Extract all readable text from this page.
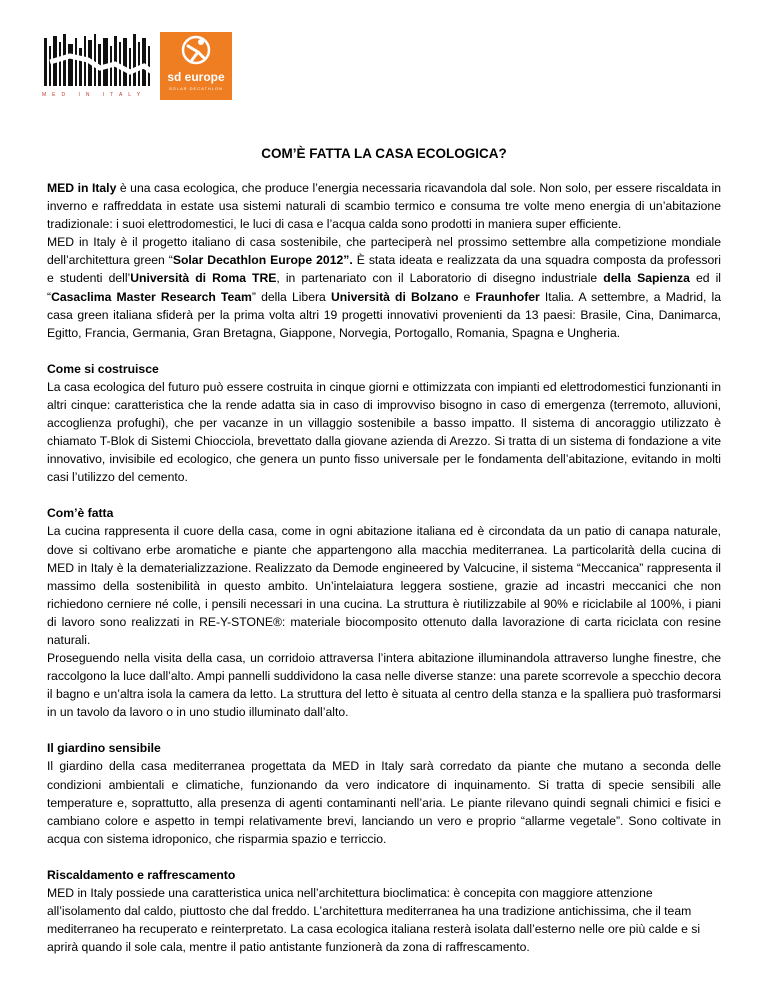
MED IN ITALY
sd europe
SOLAR DECATHLON
COM’È FATTA LA CASA ECOLOGICA?

MED in Italy è una casa ecologica, che produce l’energia necessaria ricavandola dal sole. Non solo, per essere riscaldata in inverno e raffreddata in estate usa sistemi naturali di scambio termico e consuma tre volte meno energia di un’abitazione tradizionale: i suoi elettrodomestici, le luci di casa e l’acqua calda sono prodotti in maniera super efficiente.

MED in Italy è il progetto italiano di casa sostenibile, che parteciperà nel prossimo settembre alla competizione mondiale dell’architettura green “Solar Decathlon Europe 2012”. È stata ideata e realizzata da una squadra composta da professori e studenti dell’Università di Roma TRE, in partenariato con il Laboratorio di disegno industriale della Sapienza ed il “Casaclima Master Research Team” della Libera Università di Bolzano e Fraunhofer Italia. A settembre, a Madrid, la casa green italiana sfiderà per la prima volta altri 19 progetti innovativi provenienti da 13 paesi: Brasile, Cina, Danimarca, Egitto, Francia, Germania, Gran Bretagna, Giappone, Norvegia, Portogallo, Romania, Spagna e Ungheria.

Come si costruisce

La casa ecologica del futuro può essere costruita in cinque giorni e ottimizzata con impianti ed elettrodomestici funzionanti in altri cinque: caratteristica che la rende adatta sia in caso di improvviso bisogno in caso di emergenza (terremoto, alluvioni, accoglienza profughi), che per vacanze in un villaggio sostenibile a basso impatto. Il sistema di ancoraggio utilizzato è chiamato T-Blok di Sistemi Chiocciola, brevettato dalla giovane azienda di Arezzo. Si tratta di un sistema di fondazione a vite innovativo, invisibile ed ecologico, che genera un punto fisso universale per le fondamenta dell’abitazione, evitando in molti casi l’utilizzo del cemento.

Com’è fatta

La cucina rappresenta il cuore della casa, come in ogni abitazione italiana ed è circondata da un patio di canapa naturale, dove si coltivano erbe aromatiche e piante che appartengono alla macchia mediterranea. La particolarità della cucina di MED in Italy è la dematerializzazione. Realizzato da Demode engineered by Valcucine, il sistema “Meccanica” rappresenta il massimo della sostenibilità in questo ambito. Un’intelaiatura leggera sostiene, grazie ad incastri meccanici che non richiedono cerniere né colle, i pensili necessari in una cucina. La struttura è riutilizzabile al 90% e riciclabile al 100%, i piani di lavoro sono realizzati in RE-Y-STONE®: materiale biocomposito ottenuto dalla lavorazione di carta riciclata con resine naturali.

Proseguendo nella visita della casa, un corridoio attraversa l’intera abitazione illuminandola attraverso lunghe finestre, che raccolgono la luce dall’alto. Ampi pannelli suddividono la casa nelle diverse stanze: una parete scorrevole a specchio decora il bagno e un’altra isola la camera da letto. La struttura del letto è situata al centro della stanza e la spalliera può trasformarsi in un tavolo da lavoro o in uno studio illuminato dall’alto.

Il giardino sensibile

Il giardino della casa mediterranea progettata da MED in Italy sarà corredato da piante che mutano a seconda delle condizioni ambientali e climatiche, funzionando da vero indicatore di inquinamento. Si tratta di specie sensibili alle temperature e, soprattutto, alla presenza di agenti contaminanti nell’aria. Le piante rilevano quindi segnali chimici e fisici e cambiano colore e aspetto in tempi relativamente brevi, lanciando un vero e proprio “allarme vegetale”. Sono coltivate in acqua con sistema idroponico, che risparmia spazio e terriccio.

Riscaldamento e raffrescamento

MED in Italy possiede una caratteristica unica nell’architettura bioclimatica: è concepita con maggiore attenzione all’isolamento dal caldo, piuttosto che dal freddo. L’architettura mediterranea ha una tradizione antichissima, che il team mediterraneo ha recuperato e reinterpretato. La casa ecologica italiana resterà isolata dall’esterno nelle ore più calde e si aprirà quando il sole cala, mentre il patio antistante funzionerà da zona di raffrescamento.
